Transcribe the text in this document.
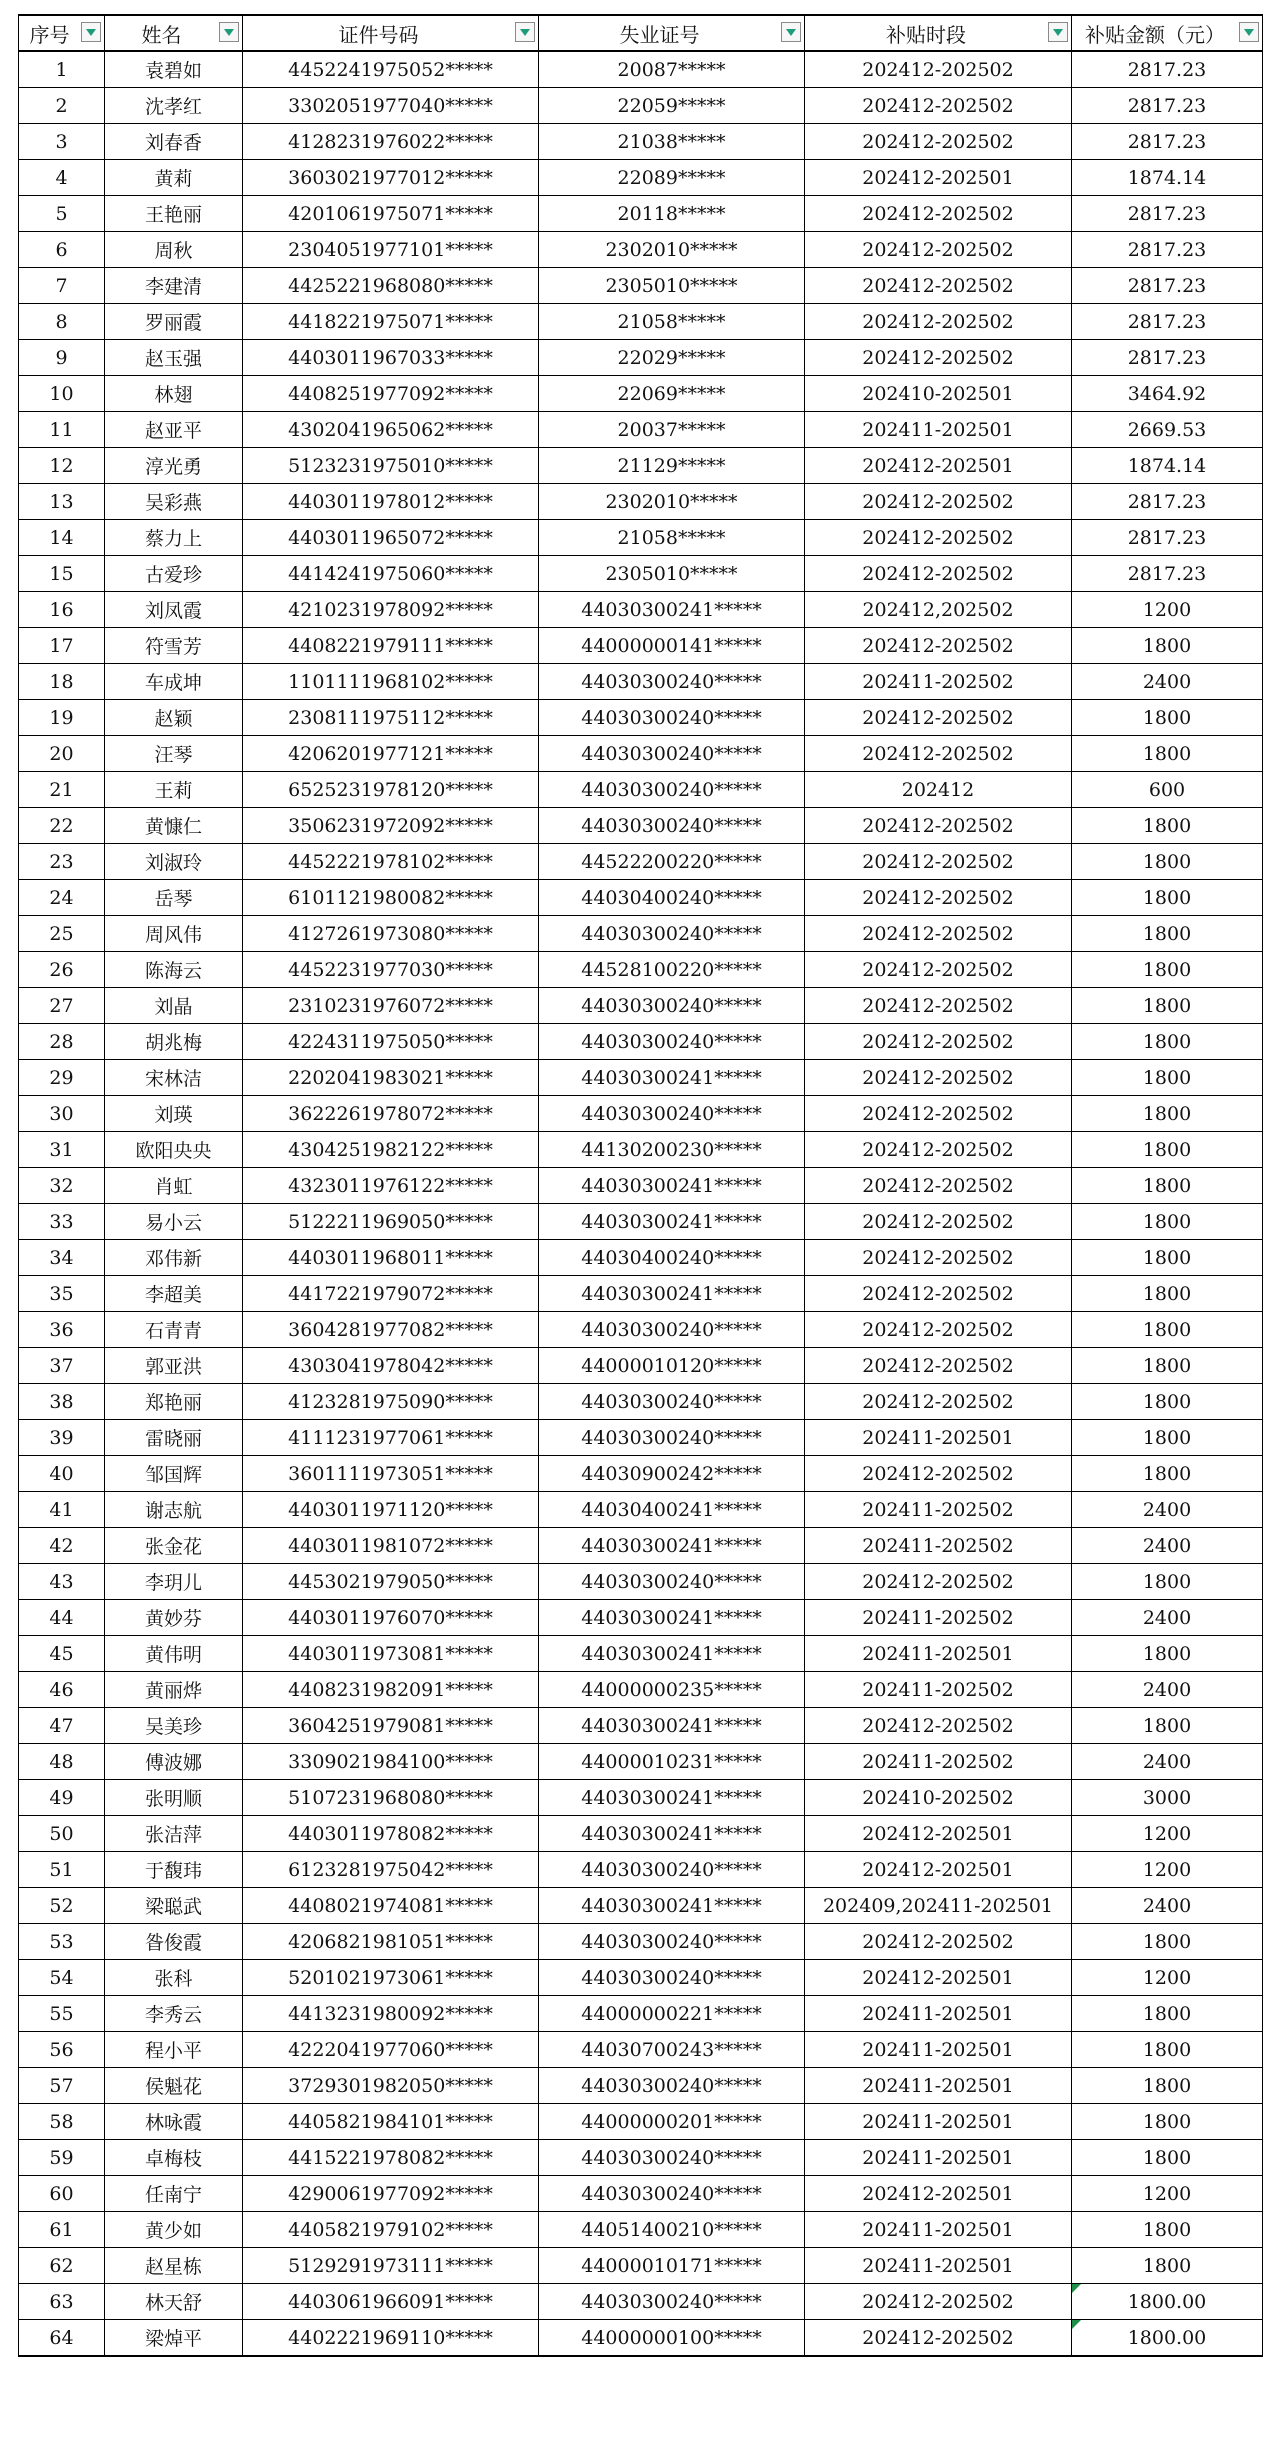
序号	姓名	证件号码	失业证号	补贴时段	补贴金额（元）

1	袁碧如	4452241975052*****	20087*****	202412-202502	2817.23
2	沈孝红	3302051977040*****	22059*****	202412-202502	2817.23
3	刘春香	4128231976022*****	21038*****	202412-202502	2817.23
4	黄莉	3603021977012*****	22089*****	202412-202501	1874.14
5	王艳丽	4201061975071*****	20118*****	202412-202502	2817.23
6	周秋	2304051977101*****	2302010*****	202412-202502	2817.23
7	李建清	4425221968080*****	2305010*****	202412-202502	2817.23
8	罗丽霞	4418221975071*****	21058*****	202412-202502	2817.23
9	赵玉强	4403011967033*****	22029*****	202412-202502	2817.23
10	林翅	4408251977092*****	22069*****	202410-202501	3464.92
11	赵亚平	4302041965062*****	20037*****	202411-202501	2669.53
12	淳光勇	5123231975010*****	21129*****	202412-202501	1874.14
13	吴彩燕	4403011978012*****	2302010*****	202412-202502	2817.23
14	蔡力上	4403011965072*****	21058*****	202412-202502	2817.23
15	古爱珍	4414241975060*****	2305010*****	202412-202502	2817.23
16	刘凤霞	4210231978092*****	44030300241*****	202412,202502	1200
17	符雪芳	4408221979111*****	44000000141*****	202412-202502	1800
18	车成坤	1101111968102*****	44030300240*****	202411-202502	2400
19	赵颖	2308111975112*****	44030300240*****	202412-202502	1800
20	汪琴	4206201977121*****	44030300240*****	202412-202502	1800
21	王莉	6525231978120*****	44030300240*****	202412	600
22	黄慷仁	3506231972092*****	44030300240*****	202412-202502	1800
23	刘淑玲	4452221978102*****	44522200220*****	202412-202502	1800
24	岳琴	6101121980082*****	44030400240*****	202412-202502	1800
25	周风伟	4127261973080*****	44030300240*****	202412-202502	1800
26	陈海云	4452231977030*****	44528100220*****	202412-202502	1800
27	刘晶	2310231976072*****	44030300240*****	202412-202502	1800
28	胡兆梅	4224311975050*****	44030300240*****	202412-202502	1800
29	宋林洁	2202041983021*****	44030300241*****	202412-202502	1800
30	刘瑛	3622261978072*****	44030300240*****	202412-202502	1800
31	欧阳央央	4304251982122*****	44130200230*****	202412-202502	1800
32	肖虹	4323011976122*****	44030300241*****	202412-202502	1800
33	易小云	5122211969050*****	44030300241*****	202412-202502	1800
34	邓伟新	4403011968011*****	44030400240*****	202412-202502	1800
35	李超美	4417221979072*****	44030300241*****	202412-202502	1800
36	石青青	3604281977082*****	44030300240*****	202412-202502	1800
37	郭亚洪	4303041978042*****	44000010120*****	202412-202502	1800
38	郑艳丽	4123281975090*****	44030300240*****	202412-202502	1800
39	雷晓丽	4111231977061*****	44030300240*****	202411-202501	1800
40	邹国辉	3601111973051*****	44030900242*****	202412-202502	1800
41	谢志航	4403011971120*****	44030400241*****	202411-202502	2400
42	张金花	4403011981072*****	44030300241*****	202411-202502	2400
43	李玥儿	4453021979050*****	44030300240*****	202412-202502	1800
44	黄妙芬	4403011976070*****	44030300241*****	202411-202502	2400
45	黄伟明	4403011973081*****	44030300241*****	202411-202501	1800
46	黄丽烨	4408231982091*****	44000000235*****	202411-202502	2400
47	吴美珍	3604251979081*****	44030300241*****	202412-202502	1800
48	傅波娜	3309021984100*****	44000010231*****	202411-202502	2400
49	张明顺	5107231968080*****	44030300241*****	202410-202502	3000
50	张洁萍	4403011978082*****	44030300241*****	202412-202501	1200
51	于馥玮	6123281975042*****	44030300240*****	202412-202501	1200
52	梁聪武	4408021974081*****	44030300241*****	202409,202411-202501	2400
53	昝俊霞	4206821981051*****	44030300240*****	202412-202502	1800
54	张科	5201021973061*****	44030300240*****	202412-202501	1200
55	李秀云	4413231980092*****	44000000221*****	202411-202501	1800
56	程小平	4222041977060*****	44030700243*****	202411-202501	1800
57	侯魁花	3729301982050*****	44030300240*****	202411-202501	1800
58	林咏霞	4405821984101*****	44000000201*****	202411-202501	1800
59	卓梅枝	4415221978082*****	44030300240*****	202411-202501	1800
60	任南宁	4290061977092*****	44030300240*****	202412-202501	1200
61	黄少如	4405821979102*****	44051400210*****	202411-202501	1800
62	赵星栋	5129291973111*****	44000010171*****	202411-202501	1800
63	林天舒	4403061966091*****	44030300240*****	202412-202502	1800.00
64	梁焯平	4402221969110*****	44000000100*****	202412-202502	1800.00
